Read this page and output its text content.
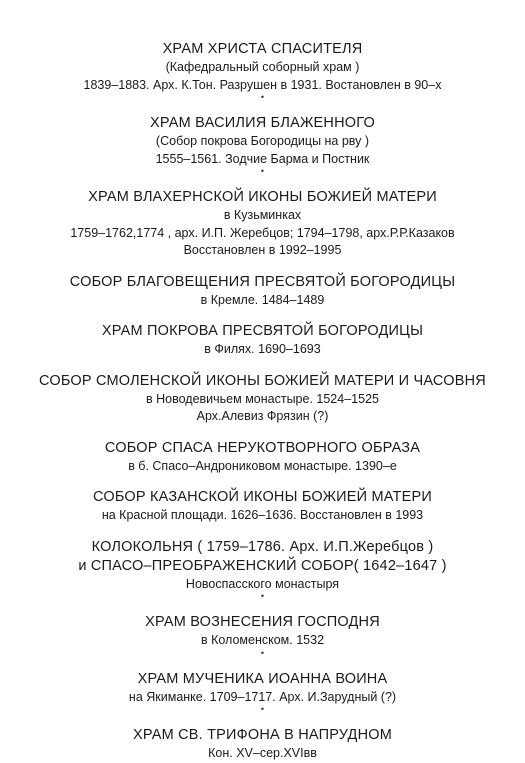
ХРАМ ХРИСТА СПАСИТЕЛЯ
(Кафедральный соборный храм )
1839–1883. Арх. К.Тон. Разрушен в 1931. Востановлен в 90–х
•
ХРАМ ВАСИЛИЯ БЛАЖЕННОГО
(Собор покрова Богородицы на рву )
1555–1561. Зодчие Барма и Постник
•
ХРАМ ВЛАХЕРНСКОЙ ИКОНЫ БОЖИЕЙ МАТЕРИ
в Кузьминках
1759–1762,1774 , арх. И.П. Жеребцов; 1794–1798, арх.Р.Р.Казаков
Восстановлен в 1992–1995
СОБОР БЛАГОВЕЩЕНИЯ ПРЕСВЯТОЙ БОГОРОДИЦЫ
в Кремле. 1484–1489
ХРАМ ПОКРОВА ПРЕСВЯТОЙ БОГОРОДИЦЫ
в Филях. 1690–1693
СОБОР СМОЛЕНСКОЙ ИКОНЫ БОЖИЕЙ МАТЕРИ И ЧАСОВНЯ
в Новодевичьем монастыре. 1524–1525
Арх.Алевиз Фрязин (?)
СОБОР СПАСА НЕРУКОТВОРНОГО ОБРАЗА
в б. Спасо–Андрониковом монастыре. 1390–е
СОБОР КАЗАНСКОЙ ИКОНЫ БОЖИЕЙ МАТЕРИ
на Красной площади. 1626–1636. Восстановлен в 1993
КОЛОКОЛЬНЯ ( 1759–1786. Арх. И.П.Жеребцов )
и СПАСО–ПРЕОБРАЖЕНСКИЙ СОБОР( 1642–1647 )
Новоспасского монастыря
•
ХРАМ ВОЗНЕСЕНИЯ ГОСПОДНЯ
в Коломенском. 1532
•
ХРАМ МУЧЕНИКА ИОАННА ВОИНА
на Якиманке. 1709–1717. Арх. И.Зарудный (?)
•
ХРАМ СВ. ТРИФОНА В НАПРУДНОМ
Кон. XV–сер.XVIвв
